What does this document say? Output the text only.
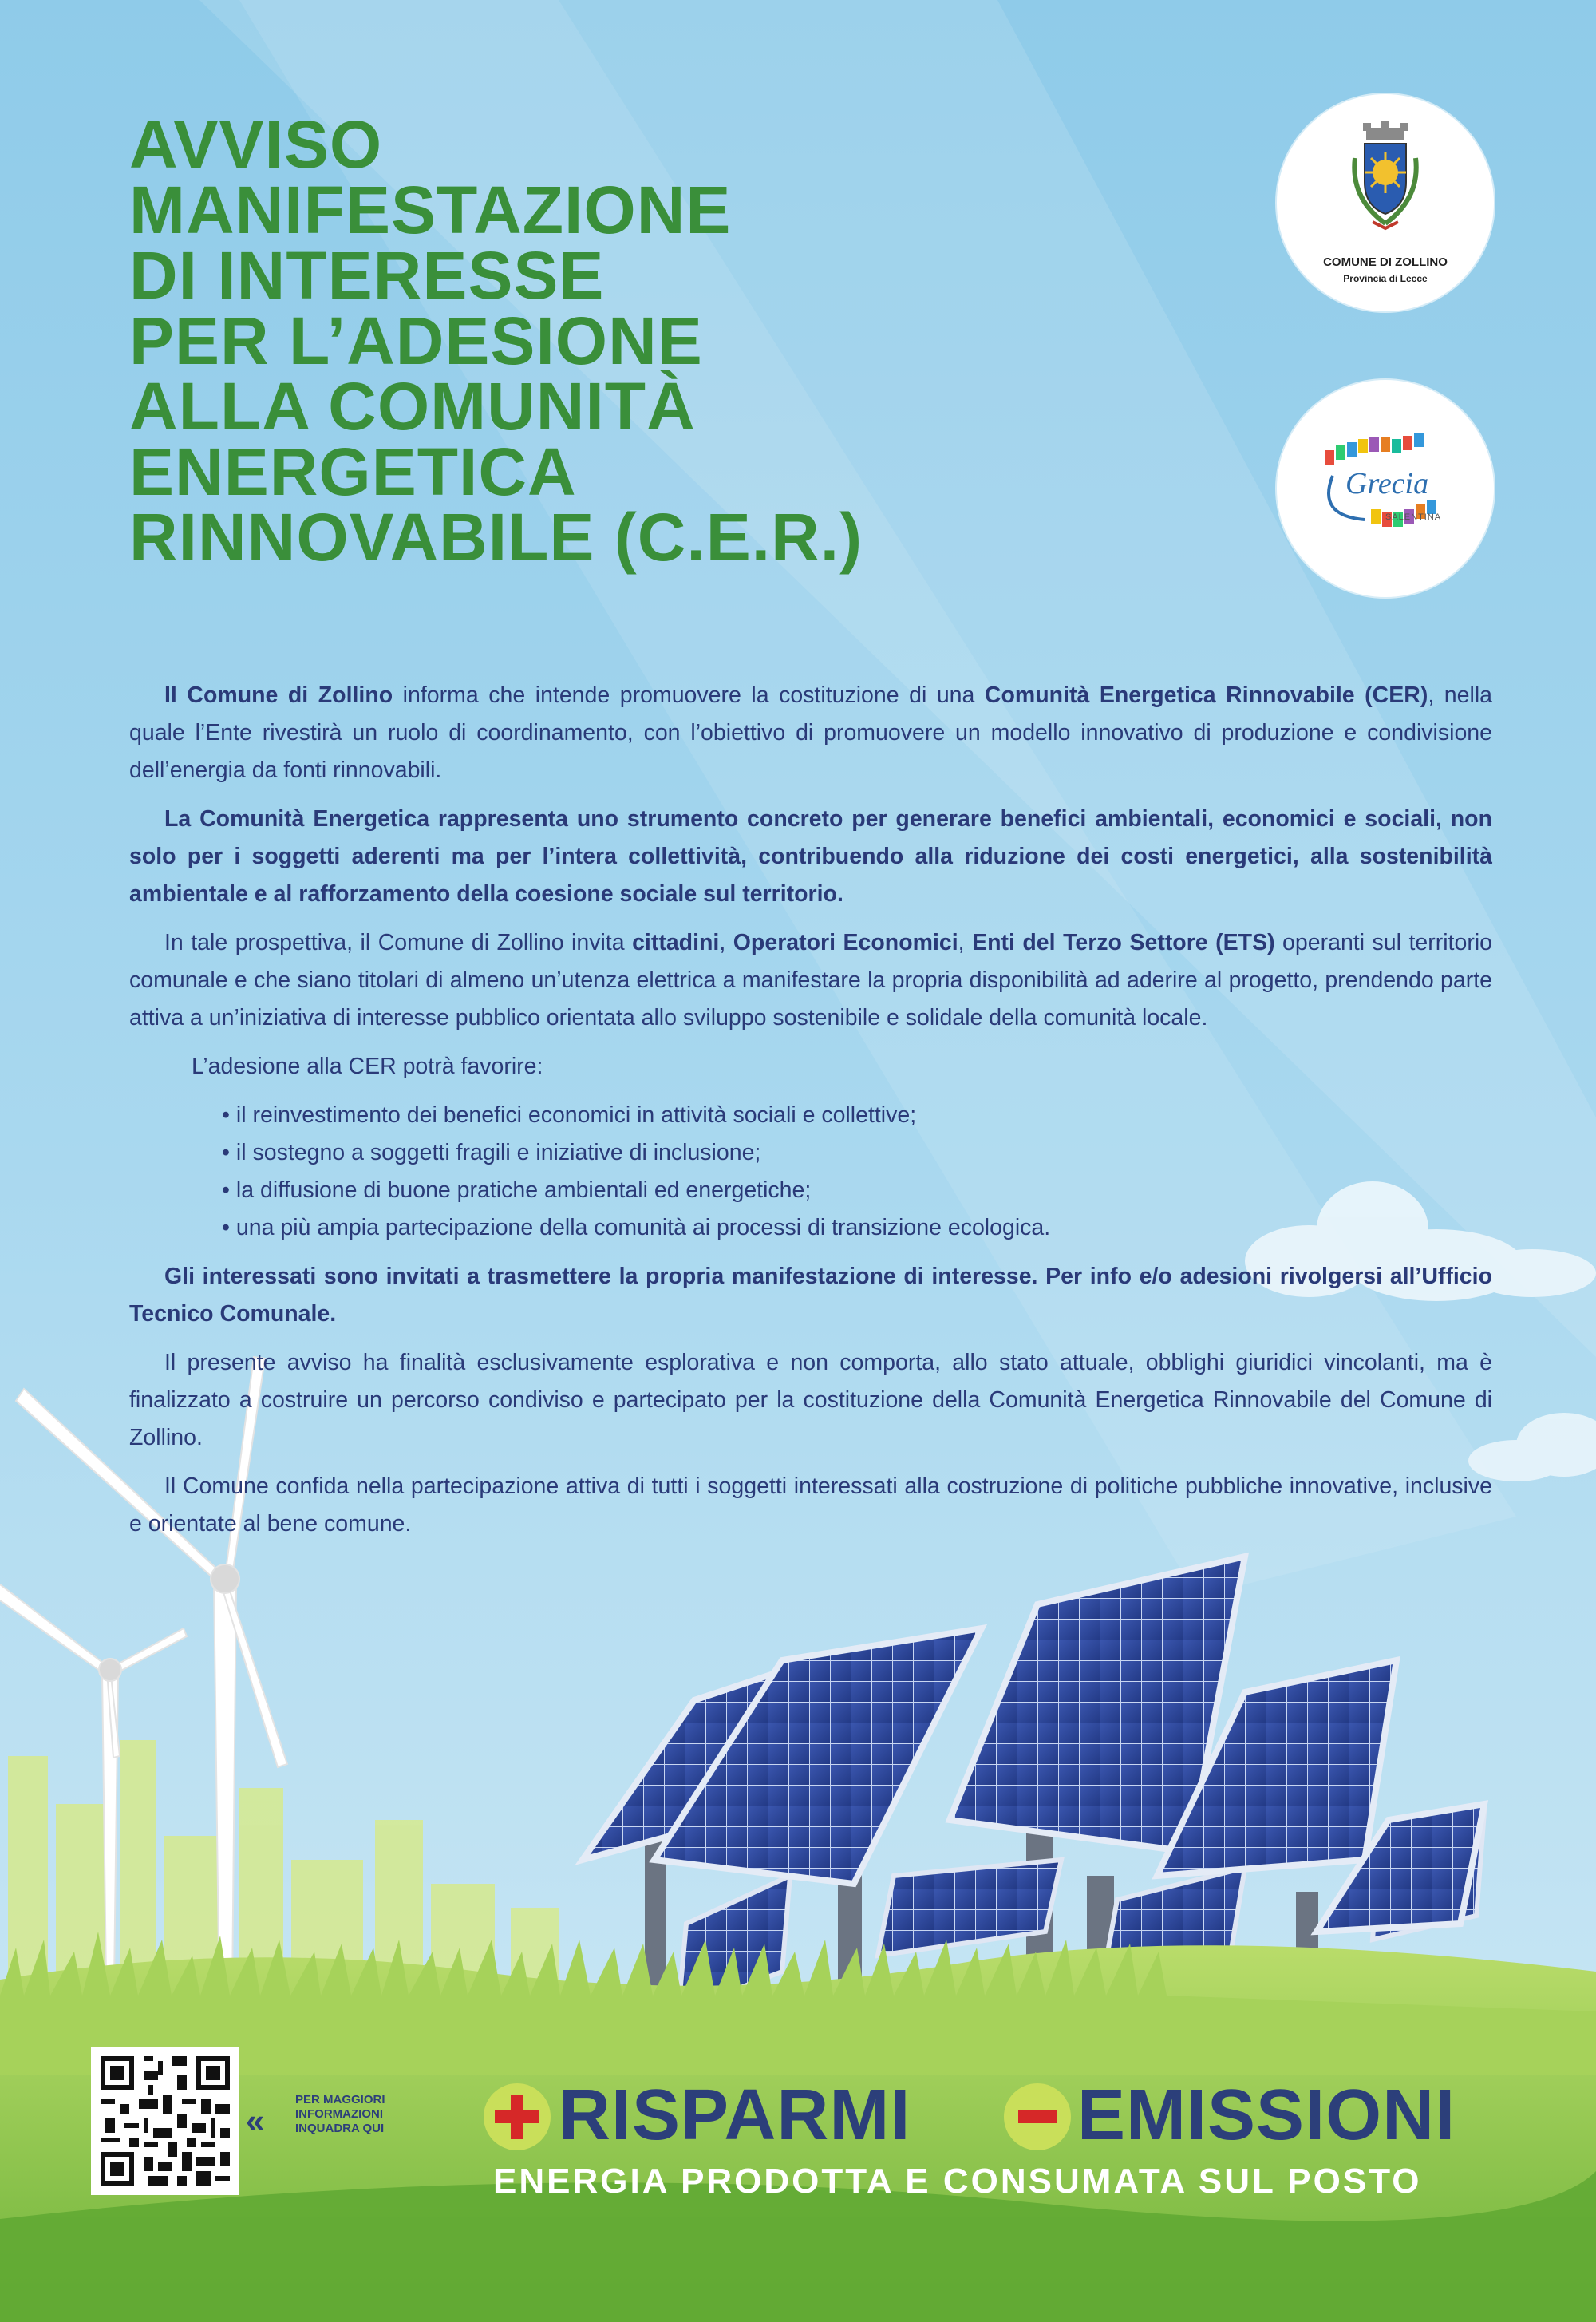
AVVISO
MANIFESTAZIONE
DI INTERESSE
PER L’ADESIONE
ALLA COMUNITÀ
ENERGETICA
RINNOVABILE (C.E.R.)
COMUNE DI ZOLLINO
Provincia di Lecce
Grecia
SALENTINA

Il Comune di Zollino informa che intende promuovere la costituzione di una Comunità Energetica Rinnovabile (CER), nella quale l’Ente rivestirà un ruolo di coordinamento, con l’obiettivo di promuovere un modello innovativo di produzione e condivisione dell’energia da fonti rinnovabili.

La Comunità Energetica rappresenta uno strumento concreto per generare benefici ambientali, economici e sociali, non solo per i soggetti aderenti ma per l’intera collettività, contribuendo alla riduzione dei costi energetici, alla sostenibilità ambientale e al rafforzamento della coesione sociale sul territorio.

In tale prospettiva, il Comune di Zollino invita cittadini, Operatori Economici, Enti del Terzo Settore (ETS) operanti sul territorio comunale e che siano titolari di almeno un’utenza elettrica a manifestare la propria disponibilità ad aderire al progetto, prendendo parte attiva a un’iniziativa di interesse pubblico orientata allo sviluppo sostenibile e solidale della comunità locale.

L’adesione alla CER potrà favorire:

• il reinvestimento dei benefici economici in attività sociali e collettive;
• il sostegno a soggetti fragili e iniziative di inclusione;
• la diffusione di buone pratiche ambientali ed energetiche;
• una più ampia partecipazione della comunità ai processi di transizione ecologica.

Gli interessati sono invitati a trasmettere la propria manifestazione di interesse. Per info e/o adesioni rivolgersi all’Ufficio Tecnico Comunale.

Il presente avviso ha finalità esclusivamente esplorativa e non comporta, allo stato attuale, obblighi giuridici vincolanti, ma è finalizzato a costruire un percorso condiviso e partecipato per la costituzione della Comunità Energetica Rinnovabile del Comune di Zollino.

Il Comune confida nella partecipazione attiva di tutti i soggetti interessati alla costruzione di politiche pubbliche innovative, inclusive e orientate al bene comune.

«
PER MAGGIORI
INFORMAZIONI
INQUADRA QUI	RISPARMI EMISSIONI
ENERGIA PRODOTTA E CONSUMATA SUL POSTO
